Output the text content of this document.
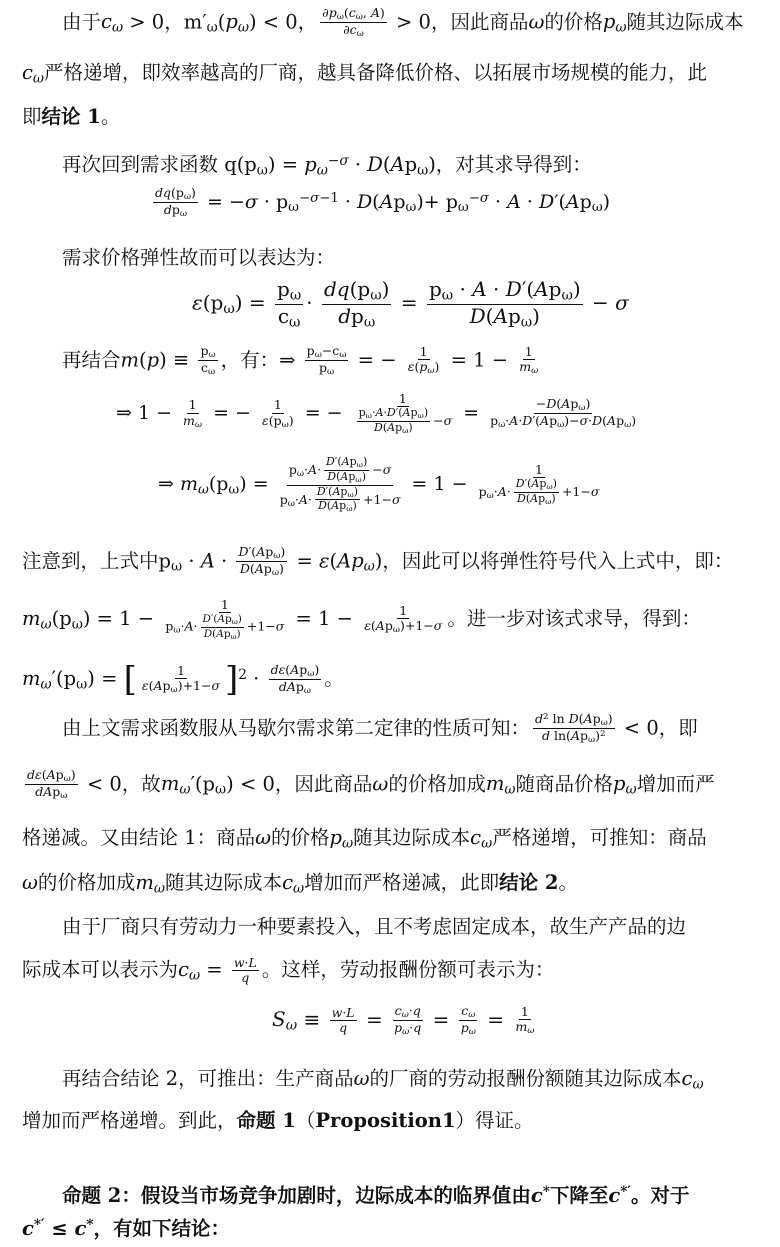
由于$c_\omega > 0$，$m'_\omega(p_\omega) < 0$， $\frac{\partial p_\omega(c_\omega, A)}{\partial c_\omega} > 0$，因此商品ω的价格$p_\omega$随其边际成本
$c_\omega$严格递增，即效率越高的厂商，越具备降低价格、以拓展市场规模的能力，此
即结论 1。
再次回到需求函数 $q(p_\omega) = p_\omega^{-\sigma} \cdot D(Ap_\omega)$，对其求导得到：
$\frac{dq(p_\omega)}{dp_\omega} = -\sigma \cdot p_\omega^{-\sigma-1} \cdot D(Ap_\omega)+ p_\omega^{-\sigma} \cdot A \cdot D'(Ap_\omega)$
需求价格弹性故而可以表达为：
$\varepsilon(p_\omega) = \frac{p_\omega}{c_\omega} \cdot \frac{dq(p_\omega)}{dp_\omega} = \frac{p_\omega \cdot A \cdot D'(Ap_\omega)}{D(Ap_\omega)} - \sigma$
再结合$m(p) \equiv \frac{p_\omega}{c_\omega}$ ，有：⇒ $\frac{p_\omega-c_\omega}{p_\omega}$ = − $\frac{1}{\varepsilon(p_\omega)} = 1 - \frac{1}{m_\omega}$
⇒ $1 - \frac{1}{m_\omega}$ = − $\frac{1}{\varepsilon(p_\omega)}$ = − $\frac{1}{\frac{p_\omega\cdot A\cdot D'(Ap_\omega)}{D(Ap_\omega)} -\sigma} = \frac{-D(Ap_\omega)}{p_\omega\cdot A\cdot D'(Ap_\omega)-\sigma\cdot D(Ap_\omega)}$
⇒ $m_\omega(p_\omega) = \frac{p_\omega\cdot A\cdot \frac{D'(Ap_\omega)}{D(Ap_\omega)} -\sigma}{p_\omega\cdot A\cdot \frac{D'(Ap_\omega)}{D(Ap_\omega)} +1-\sigma} = 1 - \frac{1}{p_\omega\cdot A\cdot \frac{D'(Ap_\omega)}{D(Ap_\omega)} +1-\sigma}$
注意到，上式中$p_\omega \cdot A \cdot \frac{D'(Ap_\omega)}{D(Ap_\omega)} = \varepsilon(Ap_\omega)$，因此可以将弹性符号代入上式中，即：
$m_\omega(p_\omega) = 1 - \frac{1}{p_\omega\cdot A\cdot \frac{D'(Ap_\omega)}{D(Ap_\omega)} +1-\sigma} = 1 - \frac{1}{\varepsilon(Ap_\omega)+1-\sigma}$ 。进一步对该式求导，得到：
$m_\omega'(p_\omega)$ = [ $\frac{1}{\varepsilon(Ap_\omega)+1-\sigma} ]^2 \cdot \frac{d\varepsilon(Ap_\omega)}{dAp_\omega}$ 。
由上文需求函数服从马歇尔需求第二定律的性质可知： $\frac{d^2 \ln D(Ap_\omega)}{d \ln(Ap_\omega)^2} < 0$，即
$\frac{d\varepsilon(Ap_\omega)}{dAp_\omega} < 0$，故$m_\omega'(p_\omega) < 0$，因此商品ω的价格加成$m_\omega$随商品价格$p_\omega$增加而严
格递减。又由结论 1：商品ω的价格$p_\omega$随其边际成本$c_\omega$严格递增，可推知：商品
ω的价格加成$m_\omega$随其边际成本$c_\omega$增加而严格递减，此即结论 2。
由于厂商只有劳动力一种要素投入，且不考虑固定成本，故生产产品的边
际成本可以表示为$c_\omega = \frac{w\cdot L}{q}$ 。这样，劳动报酬份额可表示为：
$S_\omega \equiv \frac{w\cdot L}{q} = \frac{c_\omega\cdot q}{p_\omega\cdot q} = \frac{c_\omega}{p_\omega} = \frac{1}{m_\omega}$
再结合结论 2，可推出：生产商品ω的厂商的劳动报酬份额随其边际成本$c_\omega$
增加而严格递增。到此，命题 1（Proposition1）得证。
命题 2：假设当市场竞争加剧时，边际成本的临界值由c*下降至c*′。对于
c*′ ≤ c*，有如下结论：
